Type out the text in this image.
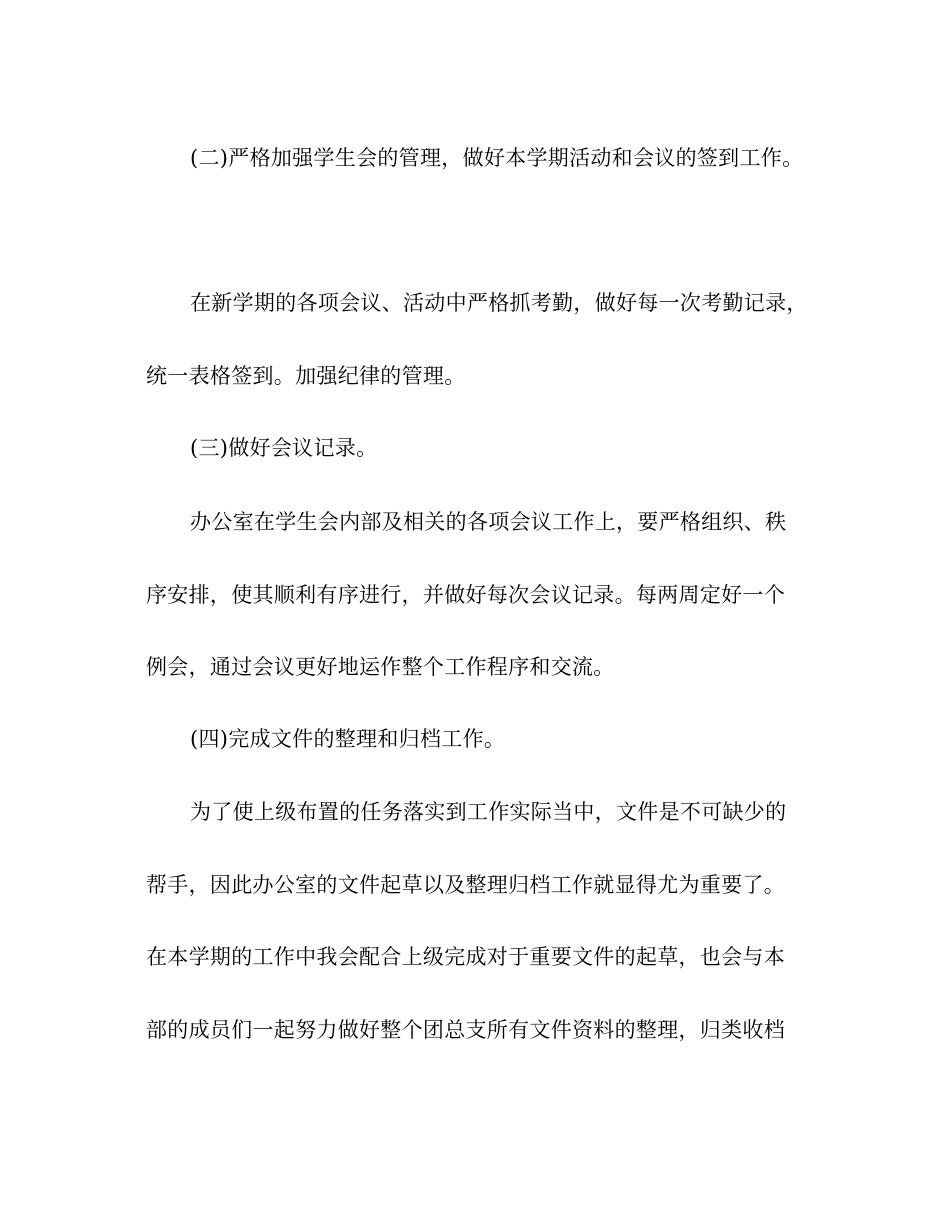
(二)严格加强学生会的管理，做好本学期活动和会议的签到工作。
在新学期的各项会议、活动中严格抓考勤，做好每一次考勤记录，
统一表格签到。加强纪律的管理。
(三)做好会议记录。
办公室在学生会内部及相关的各项会议工作上，要严格组织、秩
序安排，使其顺利有序进行，并做好每次会议记录。每两周定好一个
例会，通过会议更好地运作整个工作程序和交流。
(四)完成文件的整理和归档工作。
为了使上级布置的任务落实到工作实际当中，文件是不可缺少的
帮手，因此办公室的文件起草以及整理归档工作就显得尤为重要了。
在本学期的工作中我会配合上级完成对于重要文件的起草，也会与本
部的成员们一起努力做好整个团总支所有文件资料的整理，归类收档
